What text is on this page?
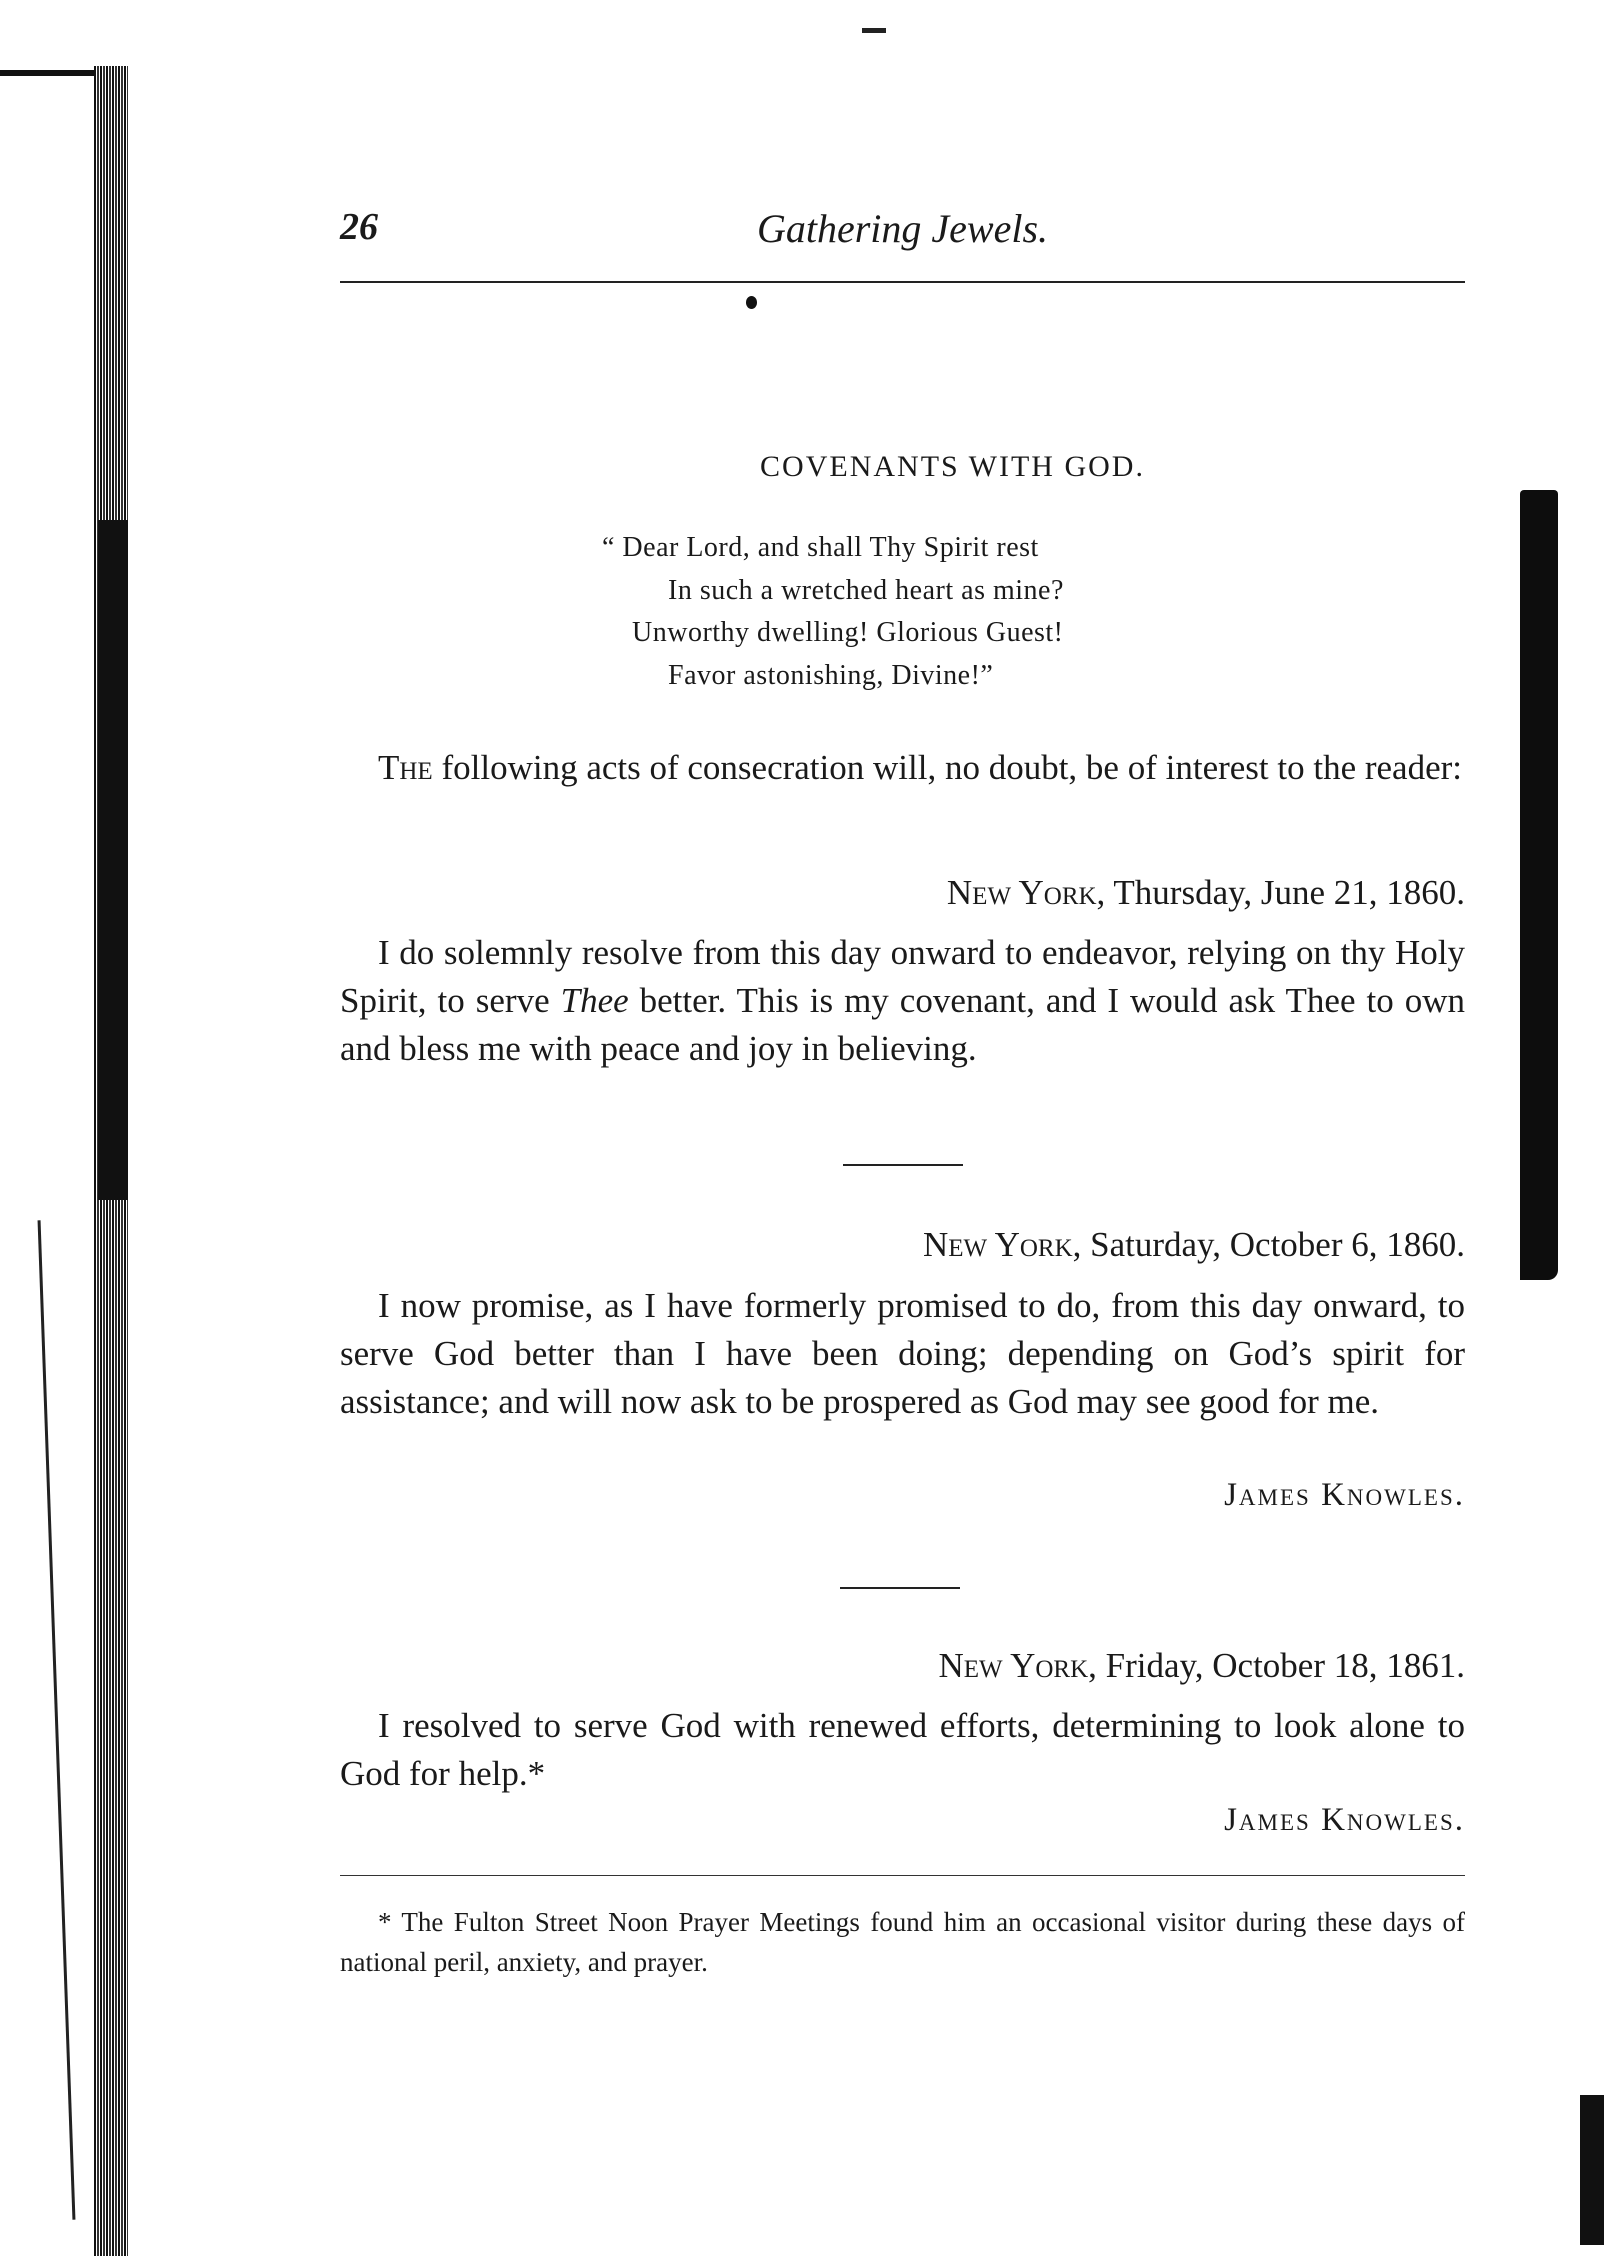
26	Gathering Jewels.
COVENANTS WITH GOD.
“ Dear Lord, and shall Thy Spirit rest
In such a wretched heart as mine?
Unworthy dwelling! Glorious Guest!
Favor astonishing, Divine!”
The following acts of consecration will, no doubt, be of interest to the reader:
New York, Thursday, June 21, 1860.
I do solemnly resolve from this day onward to endeavor, relying on thy Holy Spirit, to serve Thee better. This is my covenant, and I would ask Thee to own and bless me with peace and joy in believing.
New York, Saturday, October 6, 1860.
I now promise, as I have formerly promised to do, from this day onward, to serve God better than I have been doing; depending on God’s spirit for assistance; and will now ask to be prospered as God may see good for me.
James Knowles.
New York, Friday, October 18, 1861.
I resolved to serve God with renewed efforts, determining to look alone to God for help.*
James Knowles.
* The Fulton Street Noon Prayer Meetings found him an occasional visitor during these days of national peril, anxiety, and prayer.
